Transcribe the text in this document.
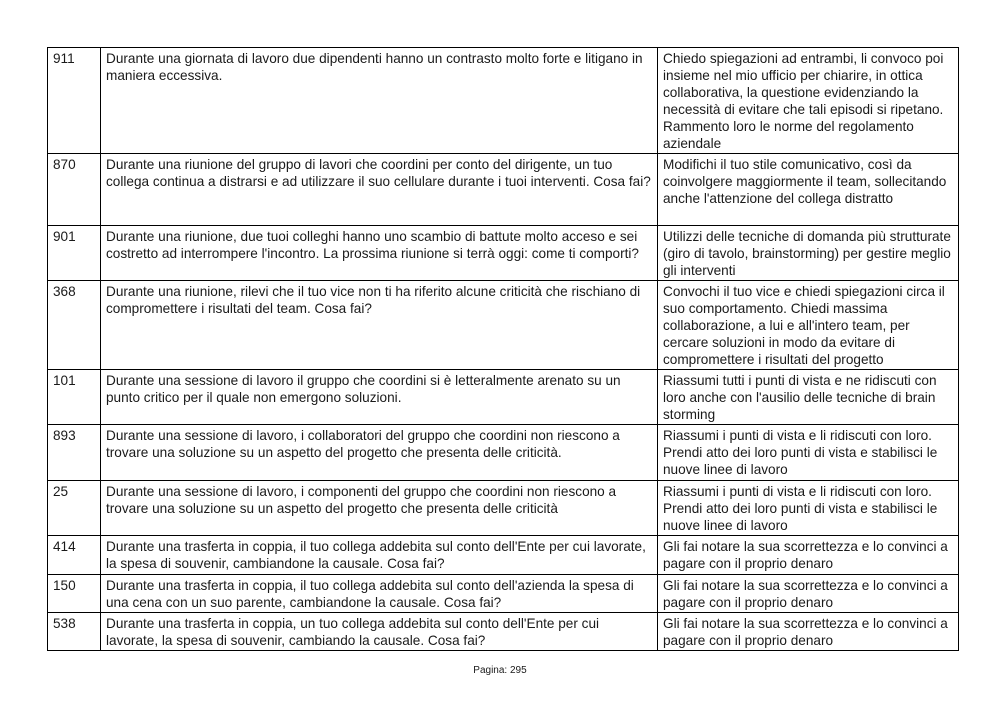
911	Durante una giornata di lavoro due dipendenti hanno un contrasto molto forte e litigano in maniera eccessiva.	Chiedo spiegazioni ad entrambi, li convoco poi insieme nel mio ufficio per chiarire, in ottica collaborativa, la questione evidenziando la necessità di evitare che tali episodi si ripetano. Rammento loro le norme del regolamento aziendale
870	Durante una riunione del gruppo di lavori che coordini per conto del dirigente, un tuo collega continua a distrarsi e ad utilizzare il suo cellulare durante i tuoi interventi. Cosa fai?	Modifichi il tuo stile comunicativo, così da coinvolgere maggiormente il team, sollecitando anche l'attenzione del collega distratto
901	Durante una riunione, due tuoi colleghi hanno uno scambio di battute molto acceso e sei costretto ad interrompere l'incontro. La prossima riunione si terrà oggi: come ti comporti?	Utilizzi delle tecniche di domanda più strutturate (giro di tavolo, brainstorming) per gestire meglio gli interventi
368	Durante una riunione, rilevi che il tuo vice non ti ha riferito alcune criticità che rischiano di compromettere i risultati del team. Cosa fai?	Convochi il tuo vice e chiedi spiegazioni circa il suo comportamento. Chiedi massima collaborazione, a lui e all'intero team, per cercare soluzioni in modo da evitare di compromettere i risultati del progetto
101	Durante una sessione di lavoro il gruppo che coordini si è letteralmente arenato su un punto critico per il quale non emergono soluzioni.	Riassumi tutti i punti di vista e ne ridiscuti con loro anche con l'ausilio delle tecniche di brain storming
893	Durante una sessione di lavoro, i collaboratori del gruppo che coordini non riescono a trovare una soluzione su un aspetto del progetto che presenta delle criticità.	Riassumi i punti di vista e li ridiscuti con loro. Prendi atto dei loro punti di vista e stabilisci le nuove linee di lavoro
25	Durante una sessione di lavoro, i componenti del gruppo che coordini non riescono a trovare una soluzione su un aspetto del progetto che presenta delle criticità	Riassumi i punti di vista e li ridiscuti con loro. Prendi atto dei loro punti di vista e stabilisci le nuove linee di lavoro
414	Durante una trasferta in coppia, il tuo collega addebita sul conto dell'Ente per cui lavorate, la spesa di souvenir, cambiandone la causale. Cosa fai?	Gli fai notare la sua scorrettezza e lo convinci a pagare con il proprio denaro
150	Durante una trasferta in coppia, il tuo collega addebita sul conto dell'azienda la spesa di una cena con un suo parente, cambiandone la causale. Cosa fai?	Gli fai notare la sua scorrettezza e lo convinci a pagare con il proprio denaro
538	Durante una trasferta in coppia, un tuo collega addebita sul conto dell'Ente per cui lavorate, la spesa di souvenir, cambiando la causale. Cosa fai?	Gli fai notare la sua scorrettezza e lo convinci a pagare con il proprio denaro
Pagina: 295
